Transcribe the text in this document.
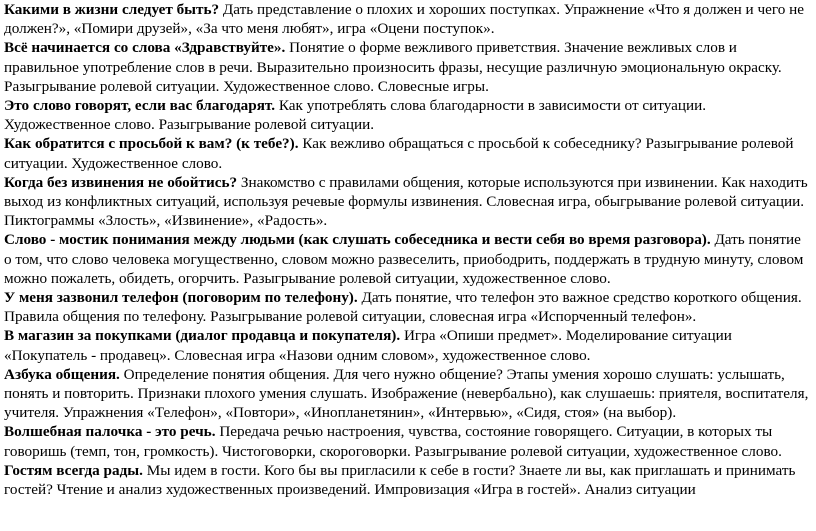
Какими в жизни следует быть? Дать представление о плохих и хороших поступках. Упражнение «Что я должен и чего не должен?», «Помири друзей», «За что меня любят», игра «Оцени поступок».

Всё начинается со слова «Здравствуйте». Понятие о форме вежливого приветствия. Значение вежливых слов и правильное употребление слов в речи. Выразительно произносить фразы, несущие различную эмоциональную окраску. Разыгрывание ролевой ситуации. Художественное слово. Словесные игры.

Это слово говорят, если вас благодарят. Как употреблять слова благодарности в зависимости от ситуации. Художественное слово. Разыгрывание ролевой ситуации.

Как обратится с просьбой к вам? (к тебе?). Как вежливо обращаться с просьбой к собеседнику? Разыгрывание ролевой ситуации. Художественное слово.

Когда без извинения не обойтись? Знакомство с правилами общения, которые используются при извинении. Как находить выход из конфликтных ситуаций, используя речевые формулы извинения. Словесная игра, обыгрывание ролевой ситуации. Пиктограммы «Злость», «Извинение», «Радость».

Слово - мостик понимания между людьми (как слушать собеседника и вести себя во время разговора). Дать понятие о том, что слово человека могущественно, словом можно развеселить, приободрить, поддержать в трудную минуту, словом можно пожалеть, обидеть, огорчить. Разыгрывание ролевой ситуации, художественное слово.

У меня зазвонил телефон (поговорим по телефону). Дать понятие, что телефон это важное средство короткого общения. Правила общения по телефону. Разыгрывание ролевой ситуации, словесная игра «Испорченный телефон».

В магазин за покупками (диалог продавца и покупателя). Игра «Опиши предмет». Моделирование ситуации «Покупатель - продавец». Словесная игра «Назови одним словом», художественное слово.

Азбука общения. Определение понятия общения. Для чего нужно общение? Этапы умения хорошо слушать: услышать, понять и повторить. Признаки плохого умения слушать. Изображение (невербально), как слушаешь: приятеля, воспитателя, учителя. Упражнения «Телефон», «Повтори», «Инопланетянин», «Интервью», «Сидя, стоя» (на выбор).

Волшебная палочка - это речь. Передача речью настроения, чувства, состояние говорящего. Ситуации, в которых ты говоришь (темп, тон, громкость). Чистоговорки, скороговорки. Разыгрывание ролевой ситуации, художественное слово.

Гостям всегда рады. Мы идем в гости. Кого бы вы пригласили к себе в гости? Знаете ли вы, как приглашать и принимать гостей? Чтение и анализ художественных произведений. Импровизация «Игра в гостей». Анализ ситуации
